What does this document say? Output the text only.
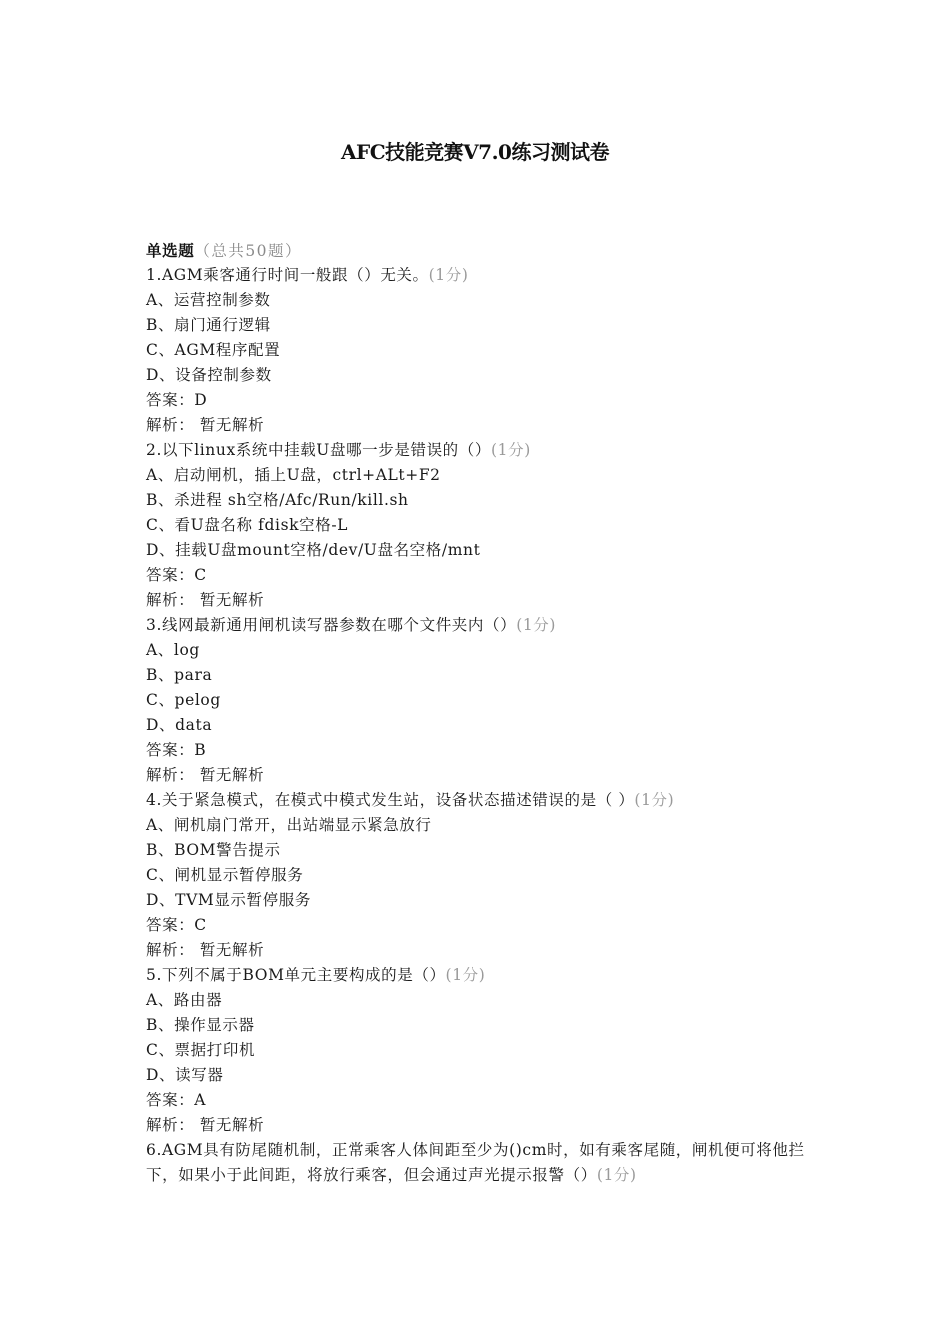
AFC技能竞赛V7.0练习测试卷
单选题（总共50题）
1.AGM乘客通行时间一般跟（）无关。(1分)
A、运营控制参数
B、扇门通行逻辑
C、AGM程序配置
D、设备控制参数
答案：D
解析： 暂无解析
2.以下linux系统中挂载U盘哪一步是错误的（）(1分)
A、启动闸机，插上U盘，ctrl+ALt+F2
B、杀进程 sh空格/Afc/Run/kill.sh
C、看U盘名称 fdisk空格-L
D、挂载U盘mount空格/dev/U盘名空格/mnt
答案：C
解析： 暂无解析
3.线网最新通用闸机读写器参数在哪个文件夹内（）(1分)
A、log
B、para
C、pelog
D、data
答案：B
解析： 暂无解析
4.关于紧急模式，在模式中模式发生站，设备状态描述错误的是（ ）(1分)
A、闸机扇门常开，出站端显示紧急放行
B、BOM警告提示
C、闸机显示暂停服务
D、TVM显示暂停服务
答案：C
解析： 暂无解析
5.下列不属于BOM单元主要构成的是（）(1分)
A、路由器
B、操作显示器
C、票据打印机
D、读写器
答案：A
解析： 暂无解析
6.AGM具有防尾随机制，正常乘客人体间距至少为()cm时，如有乘客尾随，闸机便可将他拦下，如果小于此间距，将放行乘客，但会通过声光提示报警（）(1分)
